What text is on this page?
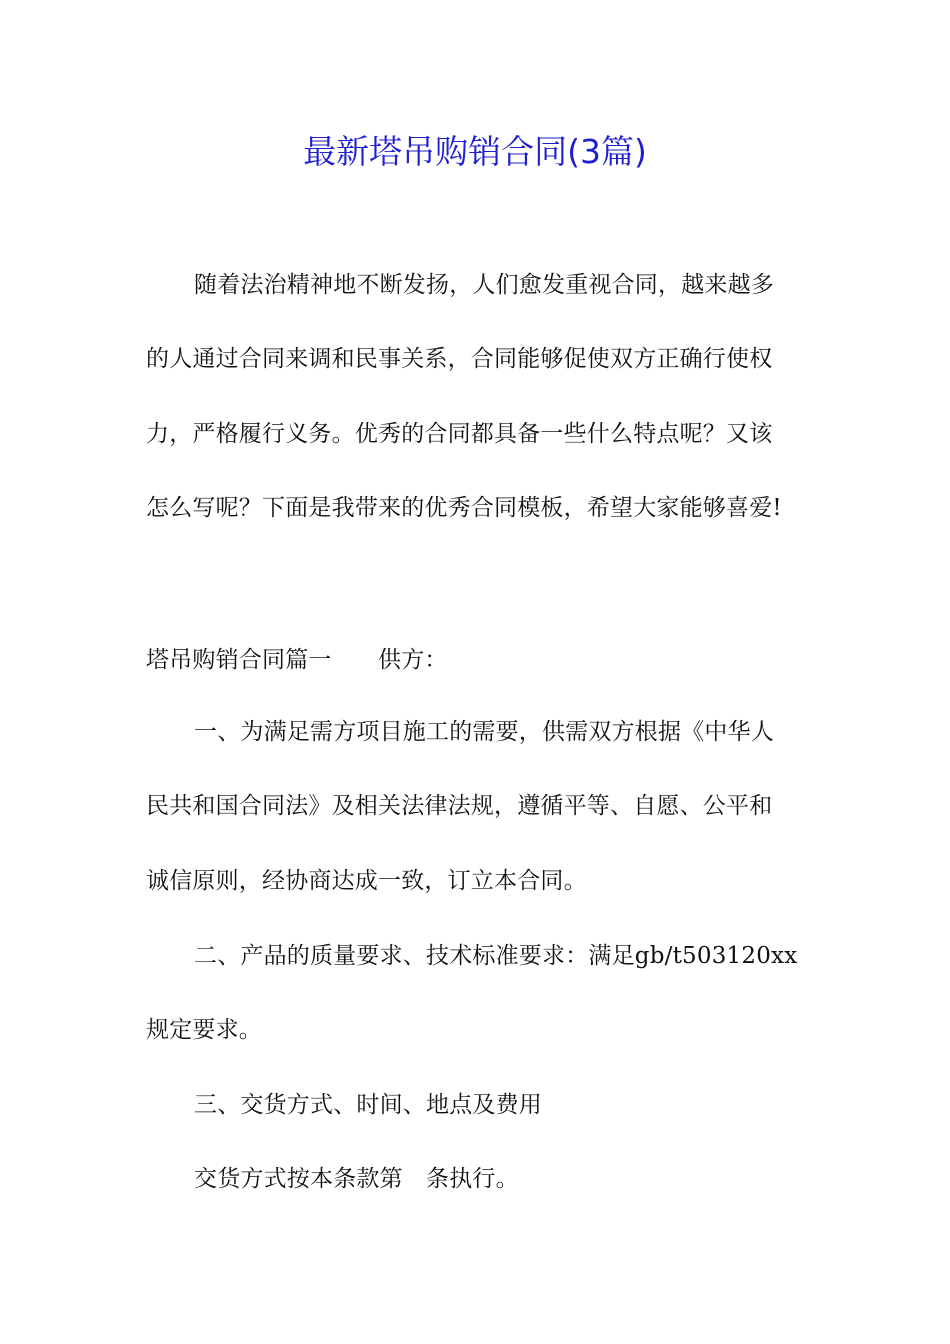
最新塔吊购销合同(3篇)
随着法治精神地不断发扬，人们愈发重视合同，越来越多
的人通过合同来调和民事关系，合同能够促使双方正确行使权
力，严格履行义务。优秀的合同都具备一些什么特点呢？又该
怎么写呢？下面是我带来的优秀合同模板，希望大家能够喜爱!
塔吊购销合同篇一　　供方：
一、为满足需方项目施工的需要，供需双方根据《中华人
民共和国合同法》及相关法律法规，遵循平等、自愿、公平和
诚信原则，经协商达成一致，订立本合同。
二、产品的质量要求、技术标准要求：满足gb/t503120xx
规定要求。
三、交货方式、时间、地点及费用
交货方式按本条款第　条执行。
